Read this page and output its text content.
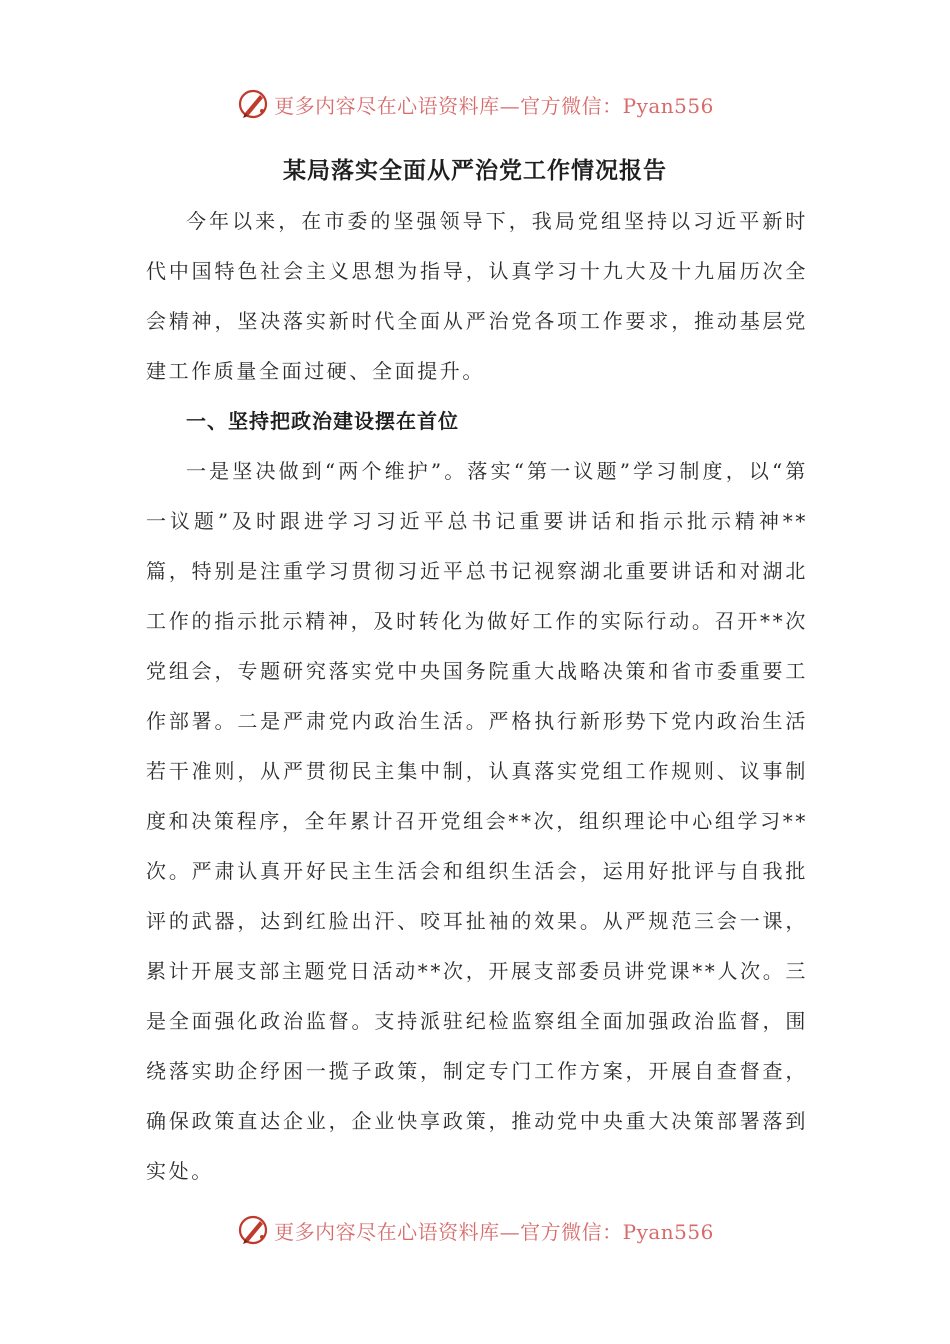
更多内容尽在心语资料库—官方微信：Pyan556
某局落实全面从严治党工作情况报告

今年以来，在市委的坚强领导下，我局党组坚持以习近平新时代中国特色社会主义思想为指导，认真学习十九大及十九届历次全会精神，坚决落实新时代全面从严治党各项工作要求，推动基层党建工作质量全面过硬、全面提升。

一、坚持把政治建设摆在首位

一是坚决做到“两个维护”。落实“第一议题”学习制度，以“第一议题”及时跟进学习习近平总书记重要讲话和指示批示精神**篇，特别是注重学习贯彻习近平总书记视察湖北重要讲话和对湖北工作的指示批示精神，及时转化为做好工作的实际行动。召开**次党组会，专题研究落实党中央国务院重大战略决策和省市委重要工作部署。二是严肃党内政治生活。严格执行新形势下党内政治生活若干准则，从严贯彻民主集中制，认真落实党组工作规则、议事制度和决策程序，全年累计召开党组会**次，组织理论中心组学习**次。严肃认真开好民主生活会和组织生活会，运用好批评与自我批评的武器，达到红脸出汗、咬耳扯袖的效果。从严规范三会一课，累计开展支部主题党日活动**次，开展支部委员讲党课**人次。三是全面强化政治监督。支持派驻纪检监察组全面加强政治监督，围绕落实助企纾困一揽子政策，制定专门工作方案，开展自查督查，确保政策直达企业，企业快享政策，推动党中央重大决策部署落到实处。

更多内容尽在心语资料库—官方微信：Pyan556
